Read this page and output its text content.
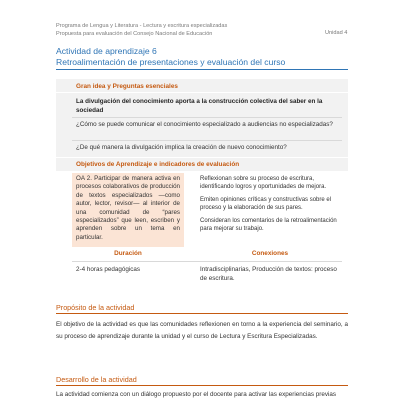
Programa de Lengua y Literatura - Lectura y escritura especializadas
Propuesta para evaluación del Consejo Nacional de Educación	Unidad 4
Actividad de aprendizaje 6
Retroalimentación de presentaciones y evaluación del curso
Gran idea y Preguntas esenciales
La divulgación del conocimiento aporta a la construcción colectiva del saber en la sociedad
¿Cómo se puede comunicar el conocimiento especializado a audiencias no especializadas?
¿De qué manera la divulgación implica la creación de nuevo conocimiento?
Objetivos de Aprendizaje e indicadores de evaluación
OA 2. Participar de manera activa en procesos colaborativos de producción de textos especializados —como autor, lector, revisor— al interior de una comunidad de “pares especializados” que leen, escriben y aprenden sobre un tema en particular.
Reflexionan sobre su proceso de escritura, identificando logros y oportunidades de mejora.
Emiten opiniones críticas y constructivas sobre el proceso y la elaboración de sus pares.
Consideran los comentarios de la retroalimentación para mejorar su trabajo.
Duración	Conexiones
2-4 horas pedagógicas	Intradisciplinarias, Producción de textos: proceso de escritura.
Propósito de la actividad
El objetivo de la actividad es que las comunidades reflexionen en torno a la experiencia del seminario, a su proceso de aprendizaje durante la unidad y el curso de Lectura y Escritura Especializadas.
Desarrollo de la actividad
La actividad comienza con un diálogo propuesto por el docente para activar las experiencias previas
